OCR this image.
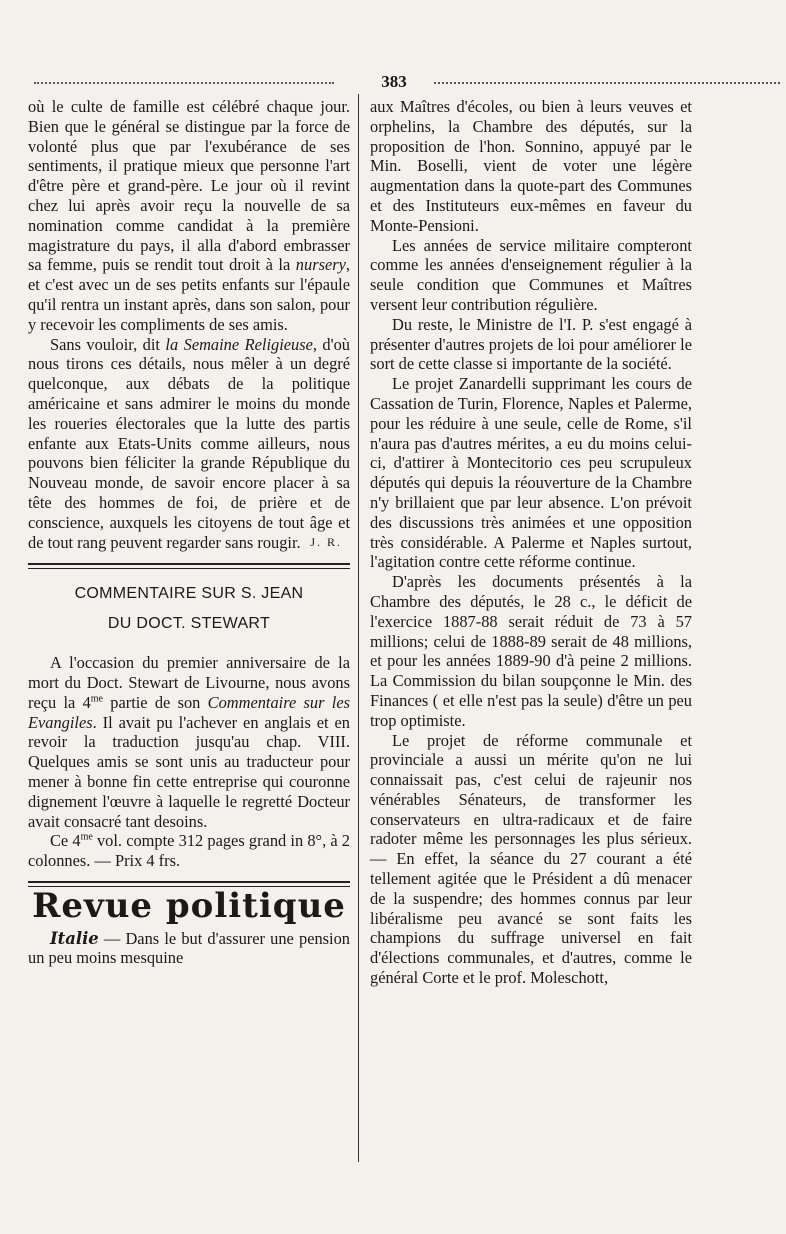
383

où le culte de famille est célébré chaque jour. Bien que le général se distingue par la force de volonté plus que par l'exubérance de ses sentiments, il pratique mieux que personne l'art d'être père et grand-père. Le jour où il revint chez lui après avoir reçu la nouvelle de sa nomination comme candidat à la première magistrature du pays, il alla d'abord embrasser sa femme, puis se rendit tout droit à la nursery, et c'est avec un de ses petits enfants sur l'épaule qu'il rentra un instant après, dans son salon, pour y recevoir les compliments de ses amis.

Sans vouloir, dit la Semaine Religieuse, d'où nous tirons ces détails, nous mêler à un degré quelconque, aux débats de la politique américaine et sans admirer le moins du monde les roueries électorales que la lutte des partis enfante aux Etats-Units comme ailleurs, nous pouvons bien féliciter la grande République du Nouveau monde, de savoir encore placer à sa tête des hommes de foi, de prière et de conscience, auxquels les citoyens de tout âge et de tout rang peuvent regarder sans rougir. J. R.
COMMENTAIRE SUR S. JEAN
DU DOCT. STEWART

A l'occasion du premier anniversaire de la mort du Doct. Stewart de Livourne, nous avons reçu la $4^{me}$ partie de son Commentaire sur les Evangiles. Il avait pu l'achever en anglais et en revoir la traduction jusqu'au chap. VIII. Quelques amis se sont unis au traducteur pour mener à bonne fin cette entreprise qui couronne dignement l'œuvre à laquelle le regretté Docteur avait consacré tant desoins.

Ce $4^{me}$ vol. compte 312 pages grand in 8°, à 2 colonnes. — Prix 4 frs.

Revue politique

Italie — Dans le but d'assurer une pension un peu moins mesquine

aux Maîtres d'écoles, ou bien à leurs veuves et orphelins, la Chambre des députés, sur la proposition de l'hon. Sonnino, appuyé par le Min. Boselli, vient de voter une légère augmentation dans la quote-part des Communes et des Instituteurs eux-mêmes en faveur du Monte-Pensioni.

Les années de service militaire compteront comme les années d'enseignement régulier à la seule condition que Communes et Maîtres versent leur contribution régulière.

Du reste, le Ministre de l'I. P. s'est engagé à présenter d'autres projets de loi pour améliorer le sort de cette classe si importante de la société.

Le projet Zanardelli supprimant les cours de Cassation de Turin, Florence, Naples et Palerme, pour les réduire à une seule, celle de Rome, s'il n'aura pas d'autres mérites, a eu du moins celui-ci, d'attirer à Montecitorio ces peu scrupuleux députés qui depuis la réouverture de la Chambre n'y brillaient que par leur absence. L'on prévoit des discussions très animées et une opposition très considérable. A Palerme et Naples surtout, l'agitation contre cette réforme continue.

D'après les documents présentés à la Chambre des députés, le 28 c., le déficit de l'exercice 1887-88 serait réduit de 73 à 57 millions; celui de 1888-89 serait de 48 millions, et pour les années 1889-90 d'à peine 2 millions. La Commission du bilan soupçonne le Min. des Finances ( et elle n'est pas la seule) d'être un peu trop optimiste.

Le projet de réforme communale et provinciale a aussi un mérite qu'on ne lui connaissait pas, c'est celui de rajeunir nos vénérables Sénateurs, de transformer les conservateurs en ultra-radicaux et de faire radoter même les personnages les plus sérieux. — En effet, la séance du 27 courant a été tellement agitée que le Président a dû menacer de la suspendre; des hommes connus par leur libéralisme peu avancé se sont faits les champions du suffrage universel en fait d'élections communales, et d'autres, comme le général Corte et le prof. Moleschott,
